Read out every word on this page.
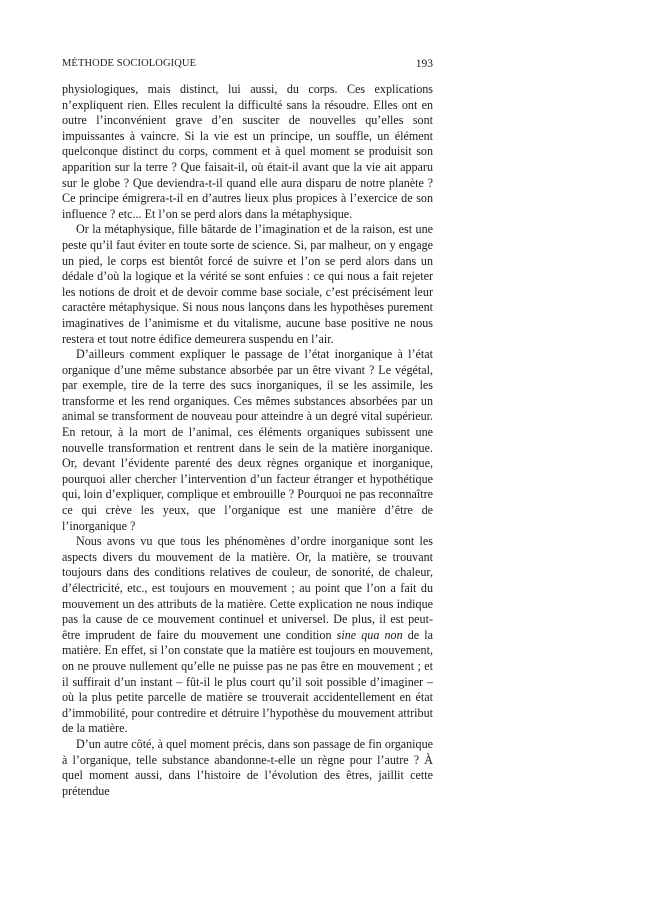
MÉTHODE SOCIOLOGIQUE	193

physiologiques, mais distinct, lui aussi, du corps. Ces explications n’expliquent rien. Elles reculent la difficulté sans la résoudre. Elles ont en outre l’inconvénient grave d’en susciter de nouvelles qu’elles sont impuissantes à vaincre. Si la vie est un principe, un souffle, un élément quelconque distinct du corps, comment et à quel moment se produisit son apparition sur la terre ? Que faisait-il, où était-il avant que la vie ait apparu sur le globe ? Que deviendra-t-il quand elle aura disparu de notre planète ? Ce principe émigrera-t-il en d’autres lieux plus propices à l’exercice de son influence ? etc... Et l’on se perd alors dans la métaphysique.

Or la métaphysique, fille bâtarde de l’imagination et de la raison, est une peste qu’il faut éviter en toute sorte de science. Si, par malheur, on y engage un pied, le corps est bientôt forcé de suivre et l’on se perd alors dans un dédale d’où la logique et la vérité se sont enfuies : ce qui nous a fait rejeter les notions de droit et de devoir comme base sociale, c’est précisément leur caractère métaphysique. Si nous nous lançons dans les hypothèses purement imaginatives de l’animisme et du vitalisme, aucune base positive ne nous restera et tout notre édifice demeurera suspendu en l’air.

D’ailleurs comment expliquer le passage de l’état inorganique à l’état organique d’une même substance absorbée par un être vivant ? Le végétal, par exemple, tire de la terre des sucs inorganiques, il se les assimile, les transforme et les rend organiques. Ces mêmes substances absorbées par un animal se transforment de nouveau pour atteindre à un degré vital supérieur. En retour, à la mort de l’animal, ces éléments organiques subissent une nouvelle transformation et rentrent dans le sein de la matière inorganique. Or, devant l’évidente parenté des deux règnes organique et inorganique, pourquoi aller chercher l’intervention d’un facteur étranger et hypothétique qui, loin d’expliquer, complique et embrouille ? Pourquoi ne pas reconnaître ce qui crève les yeux, que l’organique est une manière d’être de l’inorganique ?

Nous avons vu que tous les phénomènes d’ordre inorganique sont les aspects divers du mouvement de la matière. Or, la matière, se trouvant toujours dans des conditions relatives de couleur, de sonorité, de chaleur, d’électricité, etc., est toujours en mouvement ; au point que l’on a fait du mouvement un des attributs de la matière. Cette explication ne nous indique pas la cause de ce mouvement continuel et universel. De plus, il est peut-être imprudent de faire du mouvement une condition sine qua non de la matière. En effet, si l’on constate que la matière est toujours en mouvement, on ne prouve nullement qu’elle ne puisse pas ne pas être en mouvement ; et il suffirait d’un instant – fût-il le plus court qu’il soit possible d’imaginer – où la plus petite parcelle de matière se trouverait accidentellement en état d’immobilité, pour contredire et détruire l’hypothèse du mouvement attribut de la matière.

D’un autre côté, à quel moment précis, dans son passage de fin organique à l’organique, telle substance abandonne-t-elle un règne pour l’autre ? À quel moment aussi, dans l’histoire de l’évolution des êtres, jaillit cette prétendue
